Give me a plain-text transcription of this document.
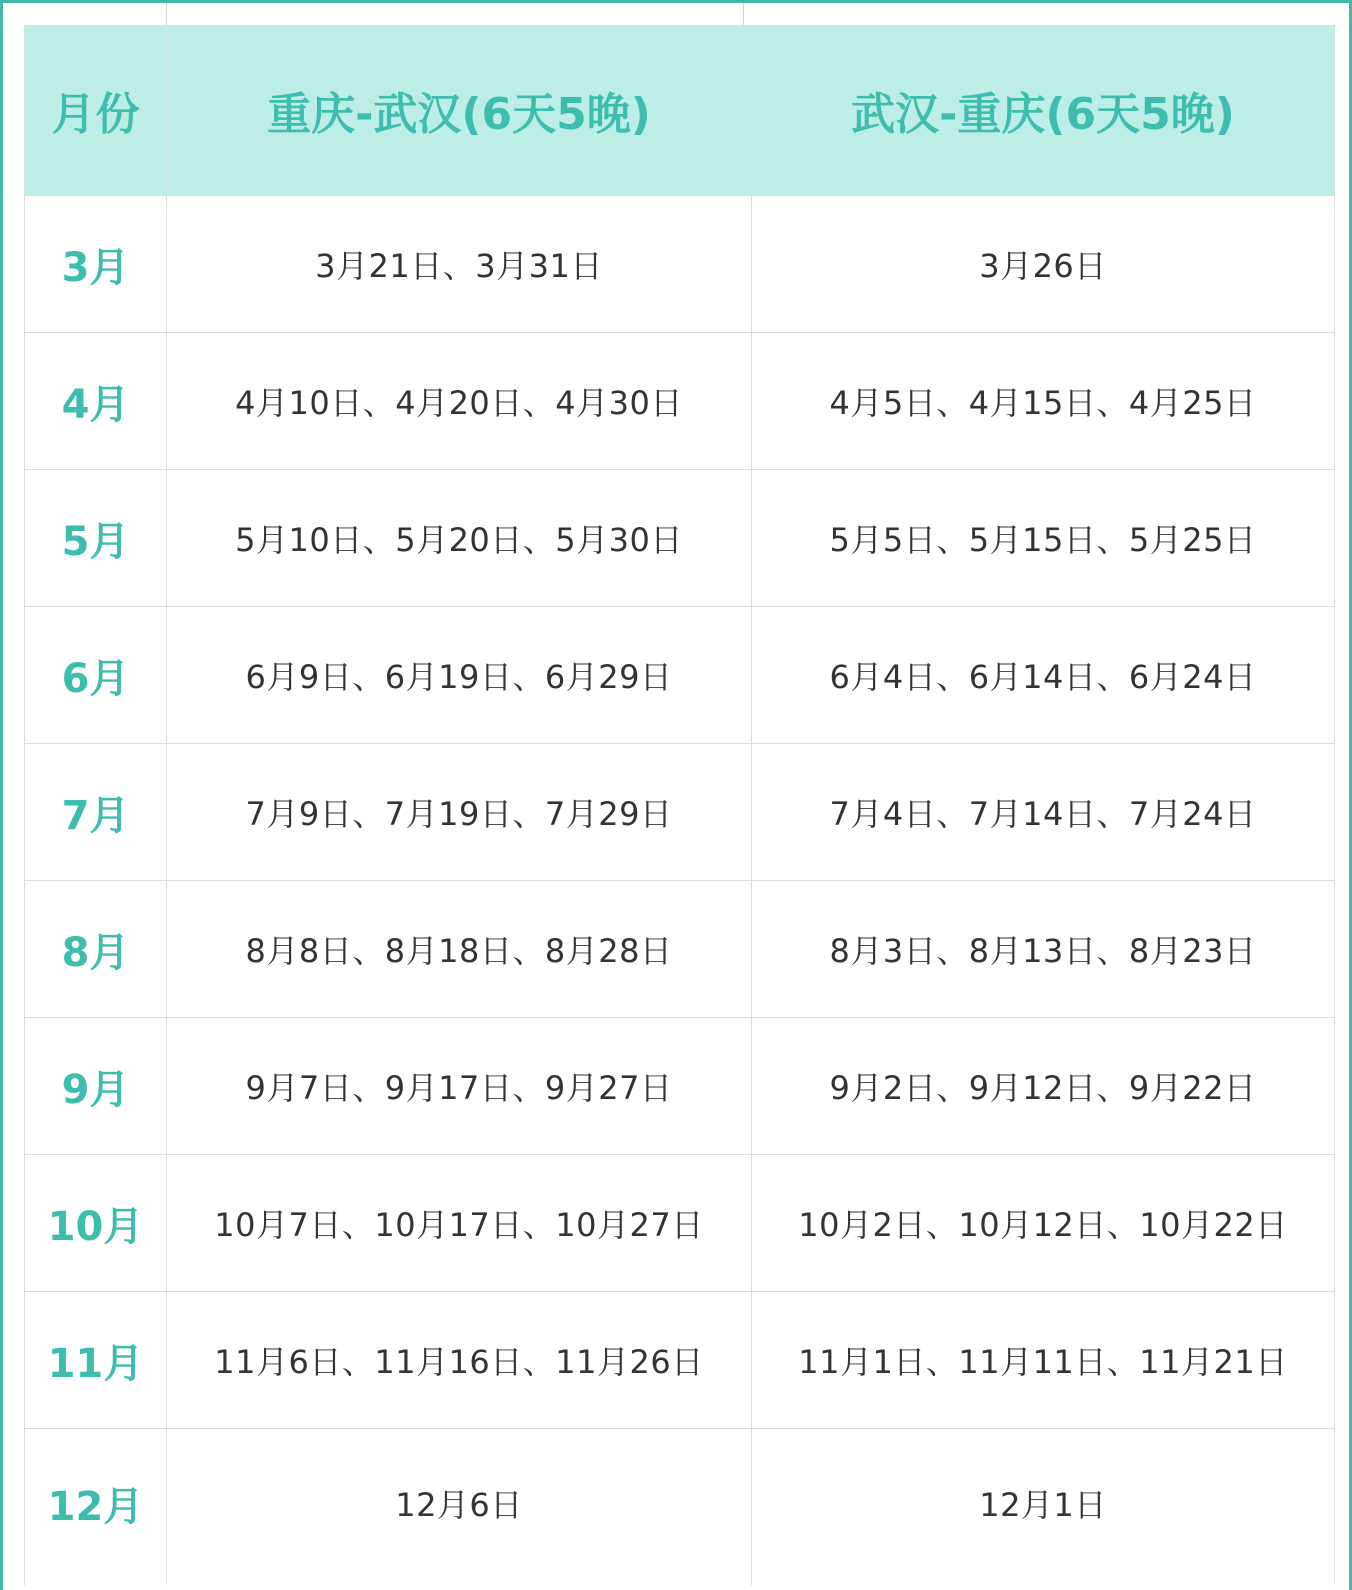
月份	重庆-武汉(6天5晚)	武汉-重庆(6天5晚)
3月	3月21日、3月31日	3月26日
4月	4月10日、4月20日、4月30日	4月5日、4月15日、4月25日
5月	5月10日、5月20日、5月30日	5月5日、5月15日、5月25日
6月	6月9日、6月19日、6月29日	6月4日、6月14日、6月24日
7月	7月9日、7月19日、7月29日	7月4日、7月14日、7月24日
8月	8月8日、8月18日、8月28日	8月3日、8月13日、8月23日
9月	9月7日、9月17日、9月27日	9月2日、9月12日、9月22日
10月	10月7日、10月17日、10月27日	10月2日、10月12日、10月22日
11月	11月6日、11月16日、11月26日	11月1日、11月11日、11月21日
12月	12月6日	12月1日
